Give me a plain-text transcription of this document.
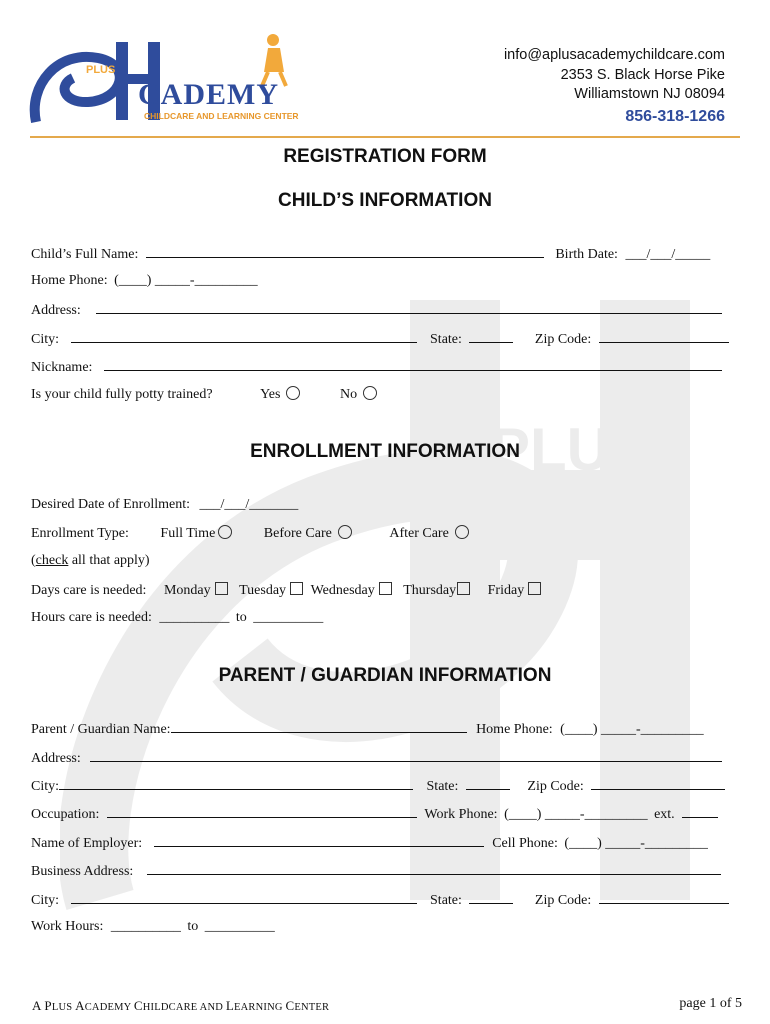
PLUS
PLUS
CADEMY
CHILDCARE AND LEARNING CENTER
info@aplusacademychildcare.com
2353 S. Black Horse Pike
Williamstown NJ 08094
856-318-1266
REGISTRATION FORM
CHILD’S INFORMATION
Child’s Full Name:	Birth Date: ___/___/_____
Home Phone: (____) _____-_________
Address:
City:	State:	Zip Code:
Nickname:
Is your child fully potty trained?	Yes	No
ENROLLMENT INFORMATION
Desired Date of Enrollment: ___/___/_______
Enrollment Type: Full Time	Before Care	After Care
(check all that apply)
Days care is needed: Monday Tuesday Wednesday Thursday Friday
Hours care is needed: __________ to __________
PARENT / GUARDIAN INFORMATION
Parent / Guardian Name:	Home Phone: (____) _____-_________
Address:
City:	State:	Zip Code:
Occupation:	Work Phone: (____) _____-_________ ext.
Name of Employer:	Cell Phone: (____) _____-_________
Business Address:
City:	State:	Zip Code:
Work Hours: __________ to __________
A PLUS ACADEMY CHILDCARE AND LEARNING CENTER	page 1 of 5
